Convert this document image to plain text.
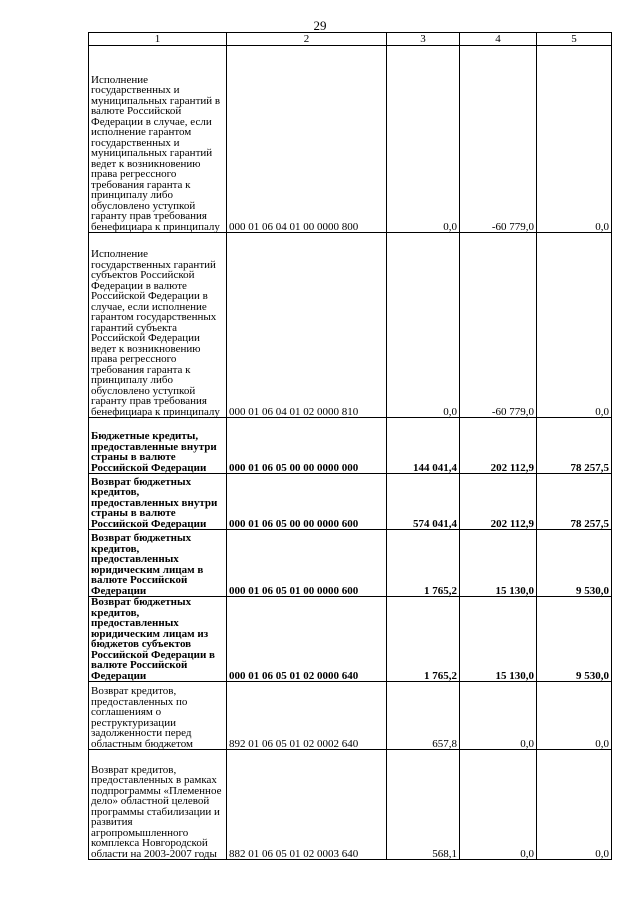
29
1	2	3	4	5
Исполнение государственных и муниципальных гарантий в валюте Российской Федерации в случае, если исполнение гарантом государственных и муниципальных гарантий ведет к возникновению права регрессного требования гаранта к принципалу либо обусловлено уступкой гаранту прав требования бенефициара к принципалу	000 01 06 04 01 00 0000 800	0,0	-60 779,0	0,0
Исполнение государственных гарантий субъектов Российской Федерации в валюте Российской Федерации в случае, если исполнение гарантом государственных гарантий субъекта Российской Федерации ведет к возникновению права регрессного требования гаранта к принципалу либо обусловлено уступкой гаранту прав требования бенефициара к принципалу	000 01 06 04 01 02 0000 810	0,0	-60 779,0	0,0
Бюджетные кредиты, предоставленные внутри страны в валюте Российской Федерации	000 01 06 05 00 00 0000 000	144 041,4	202 112,9	78 257,5
Возврат бюджетных кредитов, предоставленных внутри страны в валюте Российской Федерации	000 01 06 05 00 00 0000 600	574 041,4	202 112,9	78 257,5
Возврат бюджетных кредитов, предоставленных юридическим лицам в валюте Российской Федерации	000 01 06 05 01 00 0000 600	1 765,2	15 130,0	9 530,0
Возврат бюджетных кредитов, предоставленных юридическим лицам из бюджетов субъектов Российской Федерации в валюте Российской Федерации	000 01 06 05 01 02 0000 640	1 765,2	15 130,0	9 530,0
Возврат кредитов, предоставленных по соглашениям о реструктуризации задолженности перед областным бюджетом	892 01 06 05 01 02 0002 640	657,8	0,0	0,0
Возврат кредитов, предоставленных в рамках подпрограммы «Племенное дело» областной целевой программы стабилизации и развития агропромышленного комплекса Новгородской области на 2003-2007 годы	882 01 06 05 01 02 0003 640	568,1	0,0	0,0
